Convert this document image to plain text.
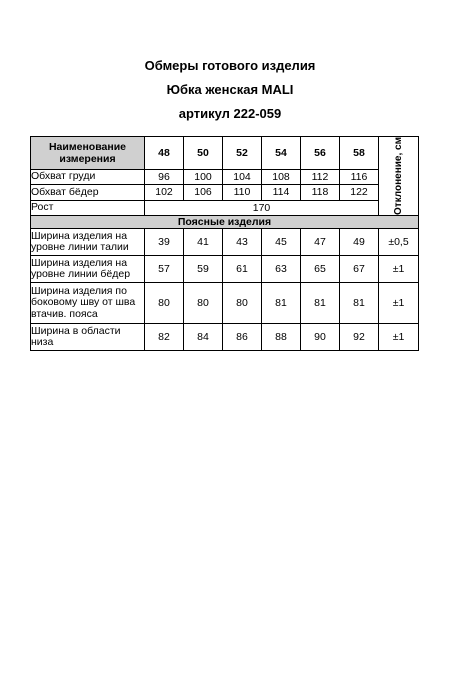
Обмеры готового изделия
Юбка женская MALI
артикул 222-059
Наименование измерения	48	50	52	54	56	58	Отклонение, см

Обхват груди	96	100	104	108	112	116	
Обхват бёдер	102	106	110	114	118	122	
Рост	170						
Поясные изделия							
Ширина изделия на уровне линии талии	39	41	43	45	47	49	±0,5
Ширина изделия на уровне линии бёдер	57	59	61	63	65	67	±1
Ширина изделия по боковому шву от шва втачив. пояса	80	80	80	81	81	81	±1
Ширина в области низа	82	84	86	88	90	92	±1
